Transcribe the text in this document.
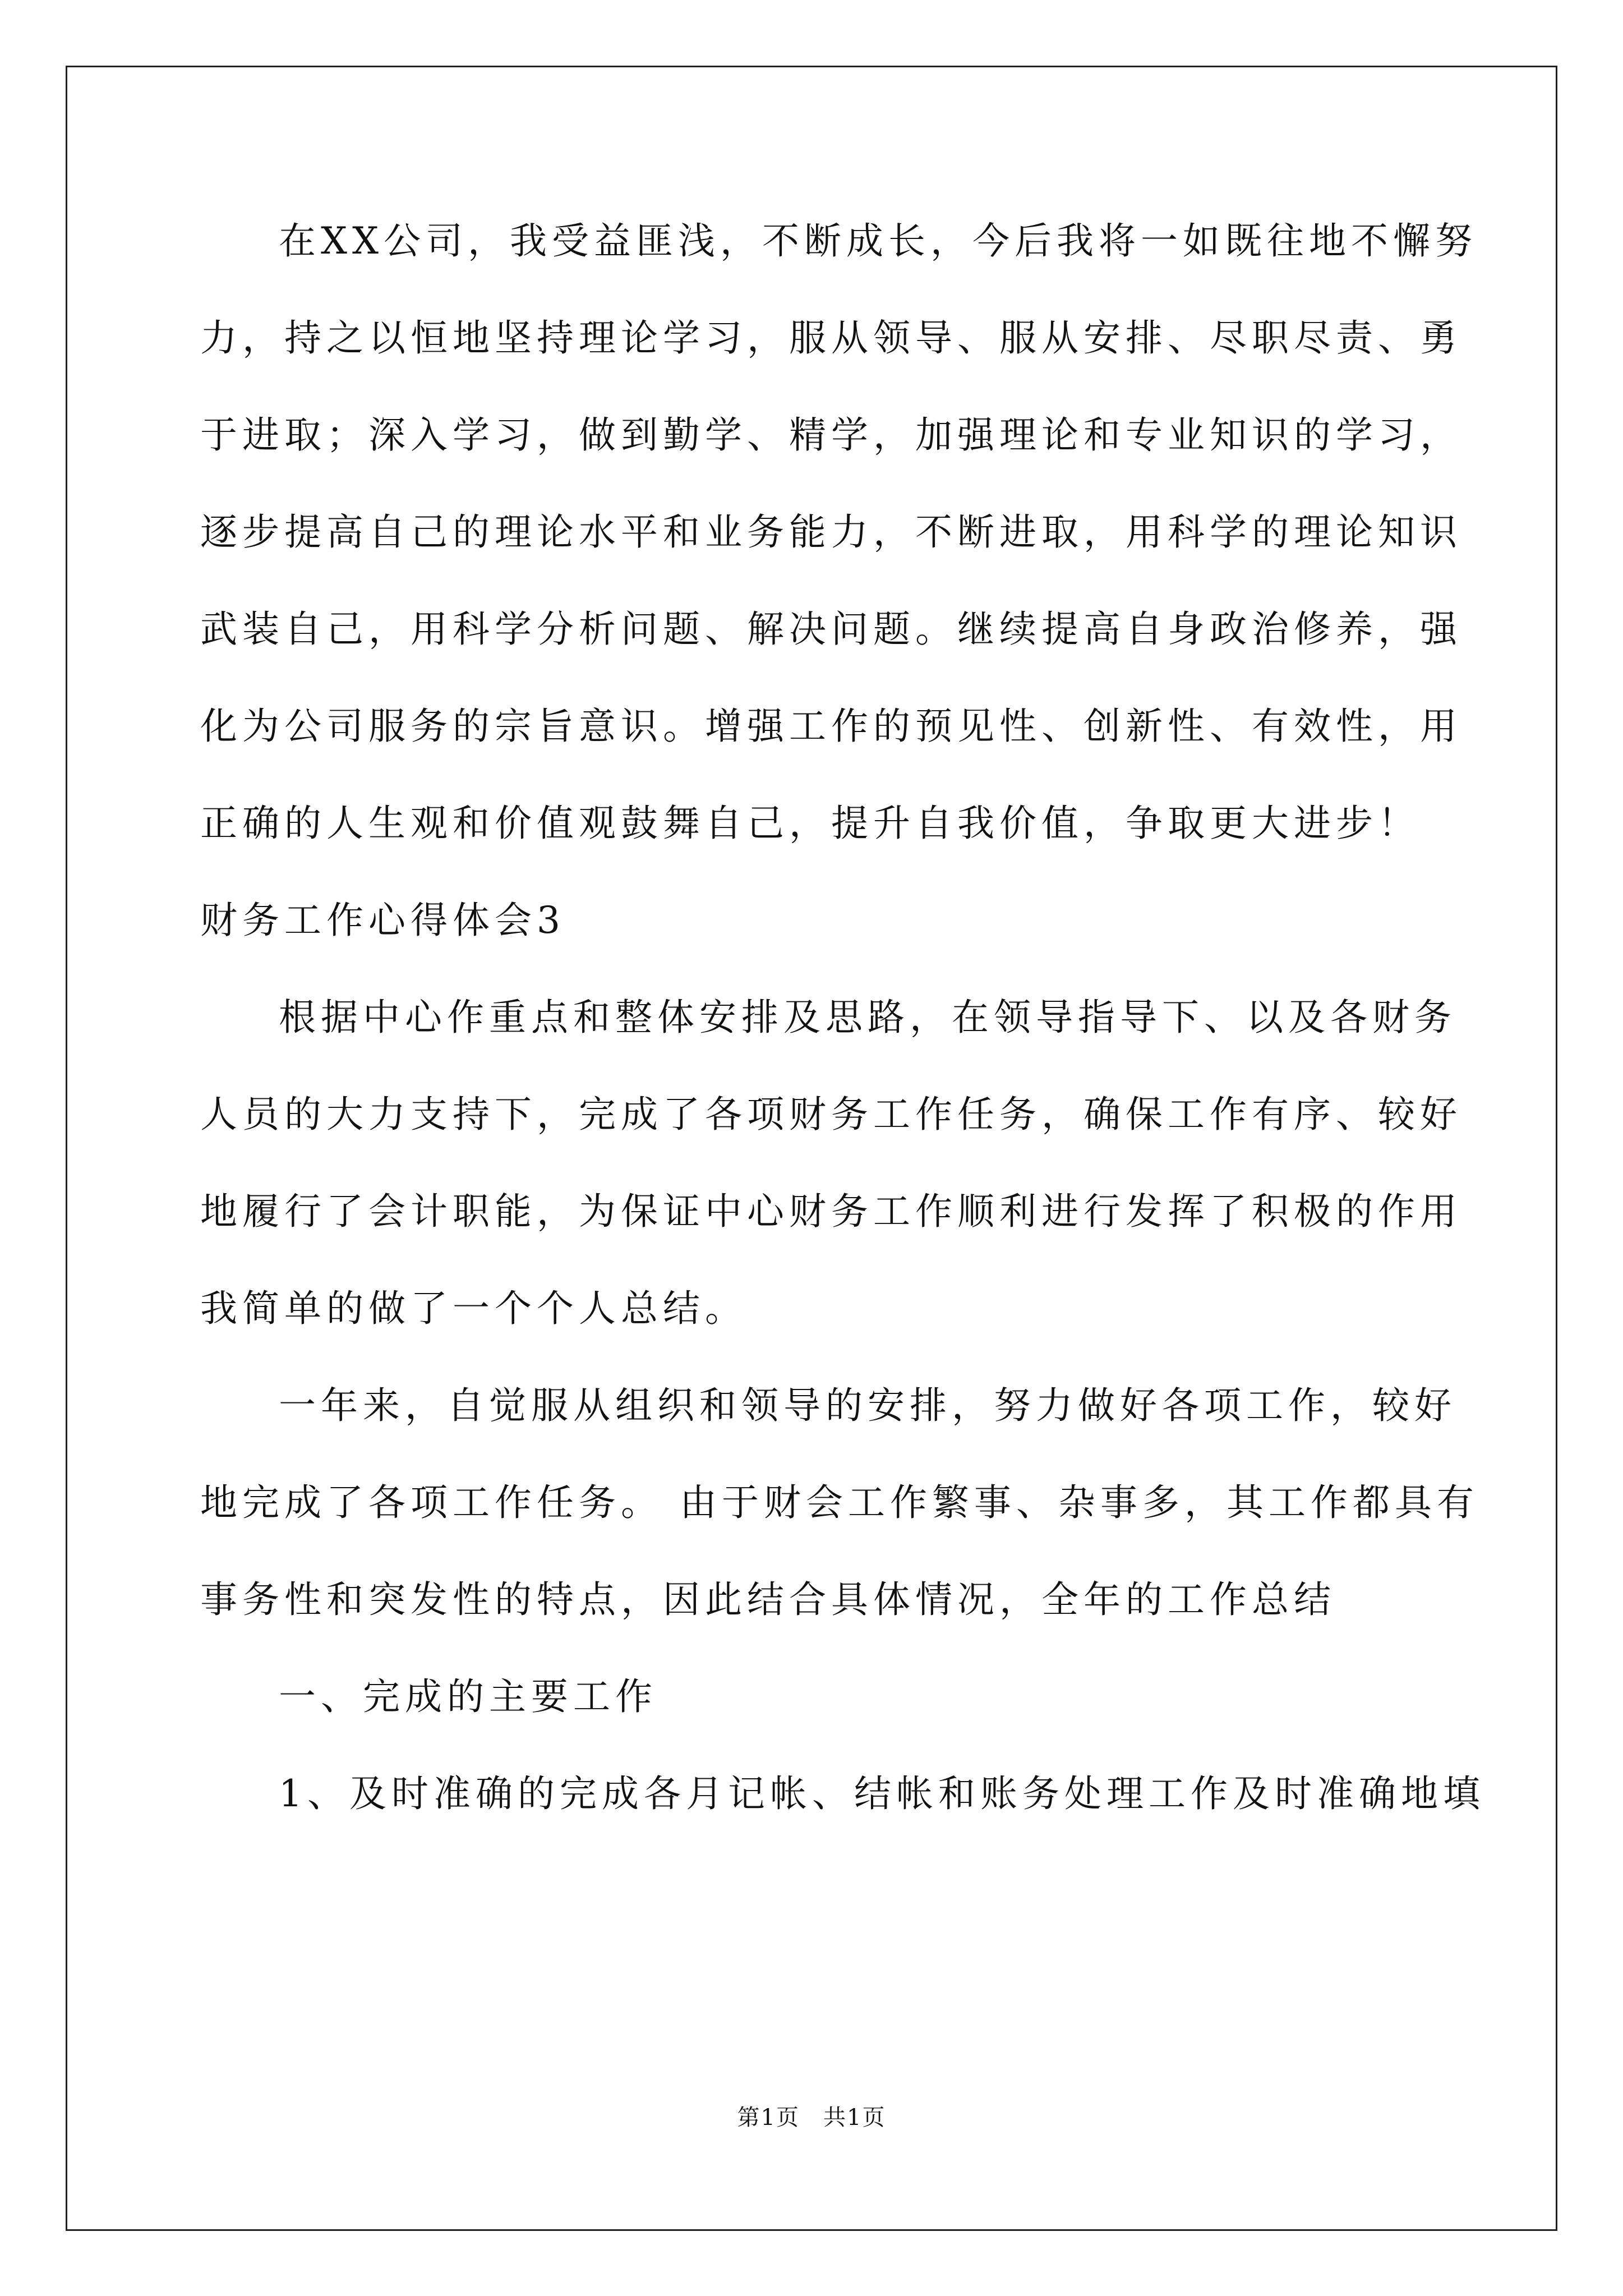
在XX公司，我受益匪浅，不断成长，今后我将一如既往地不懈努
力，持之以恒地坚持理论学习，服从领导、服从安排、尽职尽责、勇
于进取；深入学习，做到勤学、精学，加强理论和专业知识的学习，
逐步提高自己的理论水平和业务能力，不断进取，用科学的理论知识
武装自己，用科学分析问题、解决问题。继续提高自身政治修养，强
化为公司服务的宗旨意识。增强工作的预见性、创新性、有效性，用
正确的人生观和价值观鼓舞自己，提升自我价值，争取更大进步！
财务工作心得体会3
根据中心作重点和整体安排及思路，在领导指导下、以及各财务
人员的大力支持下，完成了各项财务工作任务，确保工作有序、较好
地履行了会计职能，为保证中心财务工作顺利进行发挥了积极的作用
我简单的做了一个个人总结。
一年来，自觉服从组织和领导的安排，努力做好各项工作，较好
地完成了各项工作任务。 由于财会工作繁事、杂事多，其工作都具有
事务性和突发性的特点，因此结合具体情况，全年的工作总结
一、完成的主要工作
1、及时准确的完成各月记帐、结帐和账务处理工作及时准确地填
第1页　共1页
